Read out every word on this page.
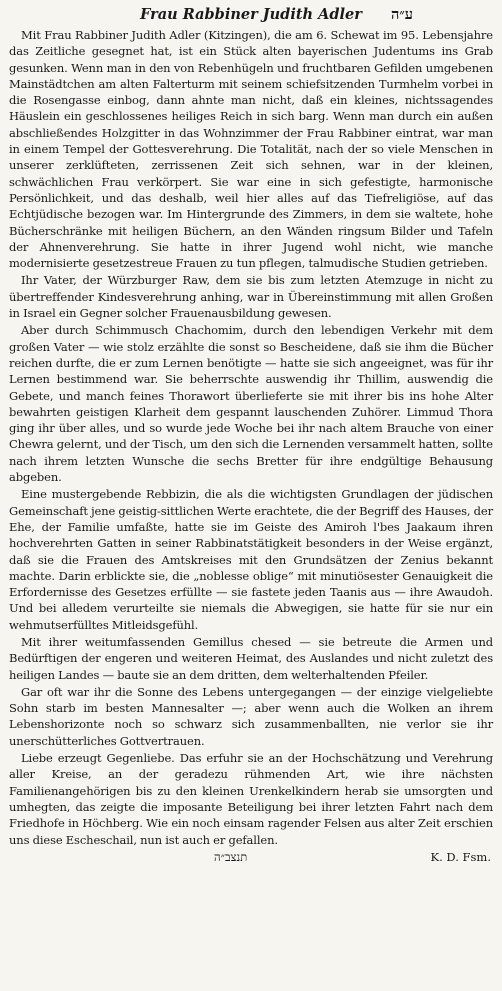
Frau Rabbiner Judith Adler ע״ה

Mit Frau Rabbiner Judith Adler (Kitzingen), die am 6. Schewat im 95. Lebensjahre das Zeitliche gesegnet hat, ist ein Stück alten bayerischen Judentums ins Grab gesunken. Wenn man in den von Rebenhügeln und fruchtbaren Gefilden umgebenen Mainstädtchen am alten Falterturm mit seinem schiefsitzenden Turmhelm vorbei in die Rosengasse einbog, dann ahnte man nicht, daß ein kleines, nichtssagendes Häuslein ein geschlossenes heiliges Reich in sich barg. Wenn man durch ein außen abschließendes Holzgitter in das Wohnzimmer der Frau Rabbiner eintrat, war man in einem Tempel der Gottesverehrung. Die Totalität, nach der so viele Menschen in unserer zerklüfteten, zerrissenen Zeit sich sehnen, war in der kleinen, schwächlichen Frau verkörpert. Sie war eine in sich gefestigte, harmonische Persönlichkeit, und das deshalb, weil hier alles auf das Tiefreligiöse, auf das Echtjüdische bezogen war. Im Hintergrunde des Zimmers, in dem sie waltete, hohe Bücherschränke mit heiligen Büchern, an den Wänden ringsum Bilder und Tafeln der Ahnenverehrung. Sie hatte in ihrer Jugend wohl nicht, wie manche modernisierte gesetzestreue Frauen zu tun pflegen, talmudische Studien getrieben.

Ihr Vater, der Würzburger Raw, dem sie bis zum letzten Atemzuge in nicht zu übertreffender Kindesverehrung anhing, war in Übereinstimmung mit allen Großen in Israel ein Gegner solcher Frauenausbildung gewesen.

Aber durch Schimmusch Chachomim, durch den lebendigen Verkehr mit dem großen Vater — wie stolz erzählte die sonst so Bescheidene, daß sie ihm die Bücher reichen durfte, die er zum Lernen benötigte — hatte sie sich angeeignet, was für ihr Lernen bestimmend war. Sie beherrschte auswendig ihr Thillim, auswendig die Gebete, und manch feines Thorawort überlieferte sie mit ihrer bis ins hohe Alter bewahrten geistigen Klarheit dem gespannt lauschenden Zuhörer. Limmud Thora ging ihr über alles, und so wurde jede Woche bei ihr nach altem Brauche von einer Chewra gelernt, und der Tisch, um den sich die Lernenden versammelt hatten, sollte nach ihrem letzten Wunsche die sechs Bretter für ihre endgültige Behausung abgeben.

Eine mustergebende Rebbizin, die als die wichtigsten Grundlagen der jüdischen Gemeinschaft jene geistig-sittlichen Werte erachtete, die der Begriff des Hauses, der Ehe, der Familie umfaßte, hatte sie im Geiste des Amiroh l'bes Jaakaum ihren hochverehrten Gatten in seiner Rabbinatstätigkeit besonders in der Weise ergänzt, daß sie die Frauen des Amtskreises mit den Grundsätzen der Zenius bekannt machte. Darin erblickte sie, die „noblesse oblige“ mit minutiösester Genauigkeit die Erfordernisse des Gesetzes erfüllte — sie fastete jeden Taanis aus — ihre Awaudoh. Und bei alledem verurteilte sie niemals die Abwegigen, sie hatte für sie nur ein wehmutserfülltes Mitleidsgefühl.

Mit ihrer weitumfassenden Gemillus chesed — sie betreute die Armen und Bedürftigen der engeren und weiteren Heimat, des Auslandes und nicht zuletzt des heiligen Landes — baute sie an dem dritten, dem welterhaltenden Pfeiler.

Gar oft war ihr die Sonne des Lebens untergegangen — der einzige vielgeliebte Sohn starb im besten Mannesalter —; aber wenn auch die Wolken an ihrem Lebenshorizonte noch so schwarz sich zusammenballten, nie verlor sie ihr unerschütterliches Gottvertrauen.

Liebe erzeugt Gegenliebe. Das erfuhr sie an der Hochschätzung und Verehrung aller Kreise, an der geradezu rühmenden Art, wie ihre nächsten Familienangehörigen bis zu den kleinen Urenkelkindern herab sie umsorgten und umhegten, das zeigte die imposante Beteiligung bei ihrer letzten Fahrt nach dem Friedhofe in Höchberg. Wie ein noch einsam ragender Felsen aus alter Zeit erschien uns diese Escheschail, nun ist auch er gefallen.

תנצב״ה	K. D. Fsm.
